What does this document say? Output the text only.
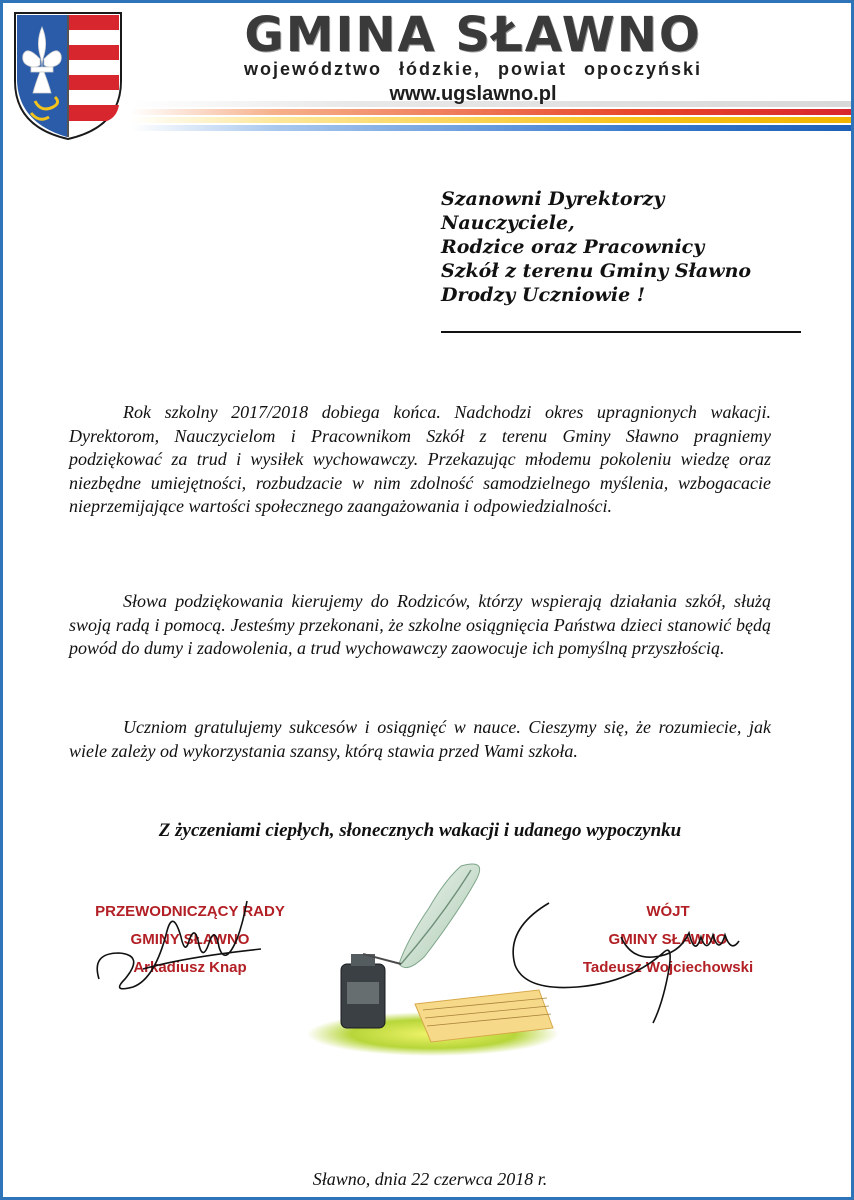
GMINA SŁAWNO

województwo łódzkie, powiat opoczyński

www.ugslawno.pl

Szanowni Dyrektorzy
Nauczyciele,
Rodzice oraz Pracownicy
Szkół z terenu Gminy Sławno
Drodzy Uczniowie !

Rok szkolny 2017/2018 dobiega końca. Nadchodzi okres upragnionych wakacji. Dyrektorom, Nauczycielom i Pracownikom Szkół z terenu Gminy Sławno pragniemy podziękować za trud i wysiłek wychowawczy. Przekazując młodemu pokoleniu wiedzę oraz niezbędne umiejętności, rozbudzacie w nim zdolność samodzielnego myślenia, wzbogacacie nieprzemijające wartości społecznego zaangażowania i odpowiedzialności.

Słowa podziękowania kierujemy do Rodziców, którzy wspierają działania szkół, służą swoją radą i pomocą. Jesteśmy przekonani, że szkolne osiągnięcia Państwa dzieci stanowić będą powód do dumy i zadowolenia, a trud wychowawczy zaowocuje ich pomyślną przyszłością.

Uczniom gratulujemy sukcesów i osiągnięć w nauce. Cieszymy się, że rozumiecie, jak wiele zależy od wykorzystania szansy, którą stawia przed Wami szkoła.

Z życzeniami ciepłych, słonecznych wakacji i udanego wypoczynku

PRZEWODNICZĄCY RADY
GMINY SŁAWNO
Arkadiusz Knap
WÓJT
GMINY SŁAWNO
Tadeusz Wojciechowski

Sławno, dnia 22 czerwca 2018 r.
